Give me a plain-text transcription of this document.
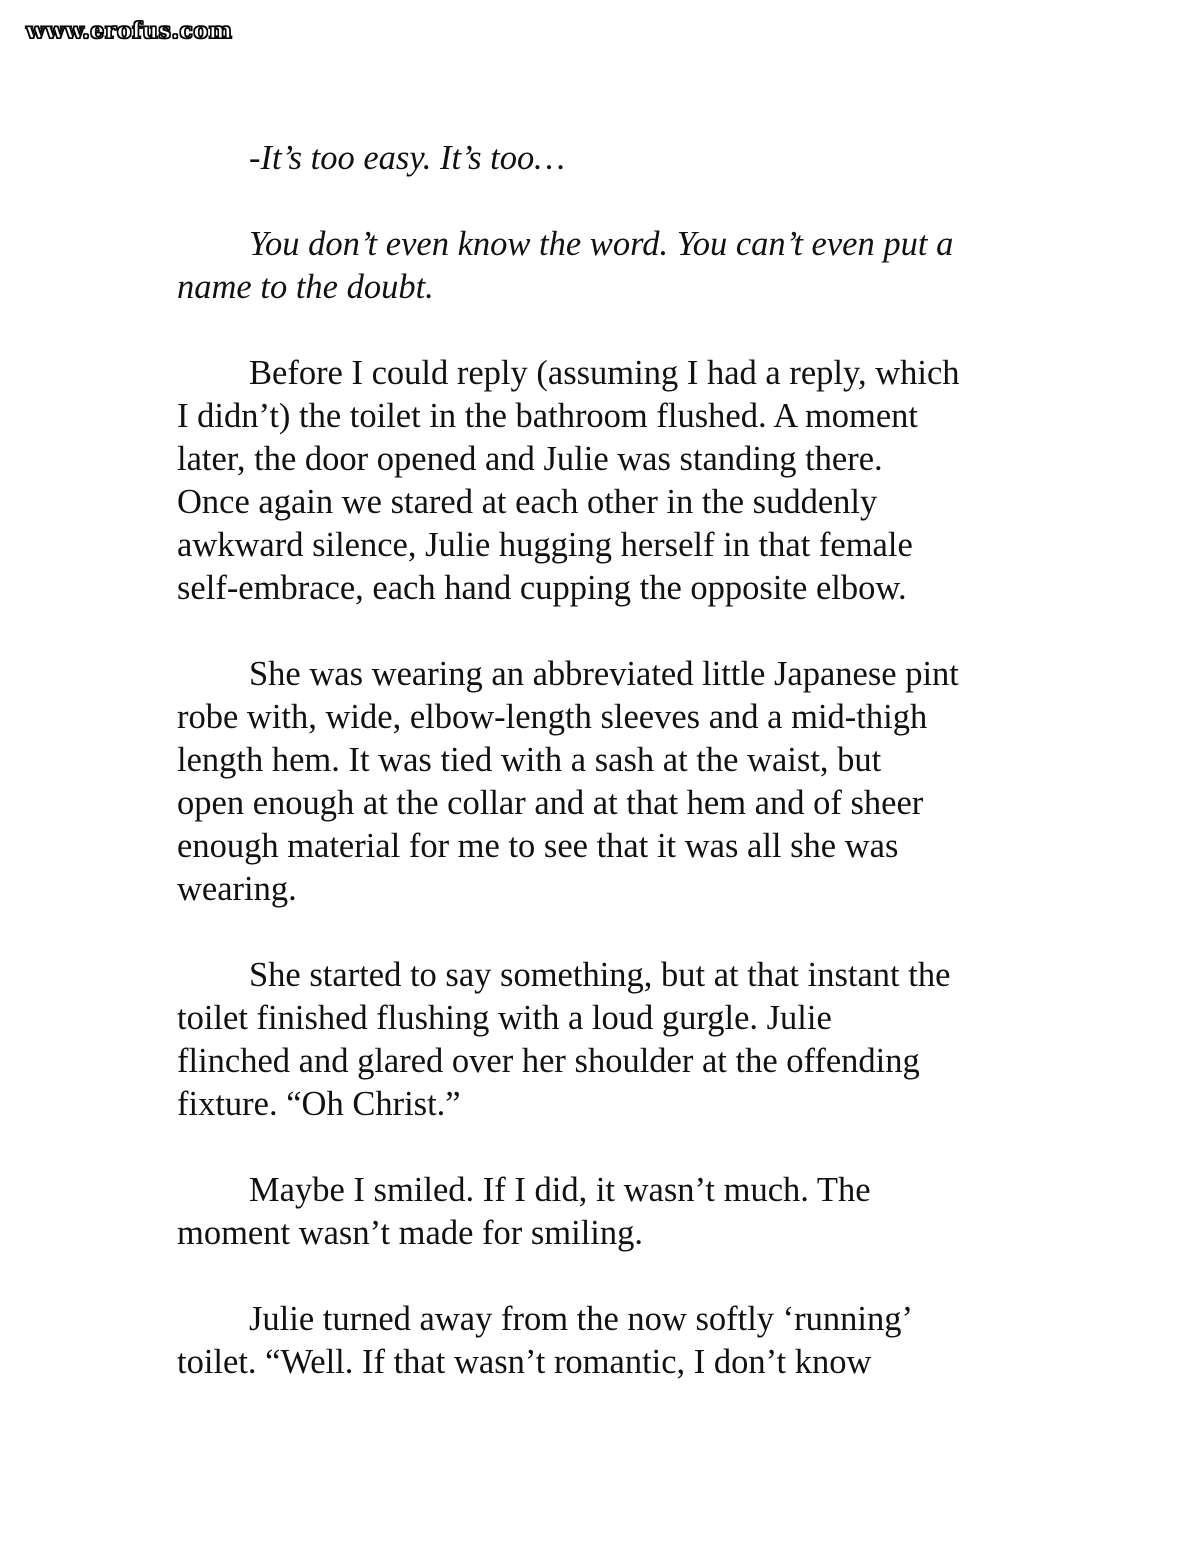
www.erofus.com

-It’s too easy. It’s too…

You don’t even know the word. You can’t even put a
name to the doubt.

Before I could reply (assuming I had a reply, which
I didn’t) the toilet in the bathroom flushed. A moment
later, the door opened and Julie was standing there.
Once again we stared at each other in the suddenly
awkward silence, Julie hugging herself in that female
self-embrace, each hand cupping the opposite elbow.

She was wearing an abbreviated little Japanese pint
robe with, wide, elbow-length sleeves and a mid-thigh
length hem. It was tied with a sash at the waist, but
open enough at the collar and at that hem and of sheer
enough material for me to see that it was all she was
wearing.

She started to say something, but at that instant the
toilet finished flushing with a loud gurgle. Julie
flinched and glared over her shoulder at the offending
fixture. “Oh Christ.”

Maybe I smiled. If I did, it wasn’t much. The
moment wasn’t made for smiling.

Julie turned away from the now softly ‘running’
toilet. “Well. If that wasn’t romantic, I don’t know
